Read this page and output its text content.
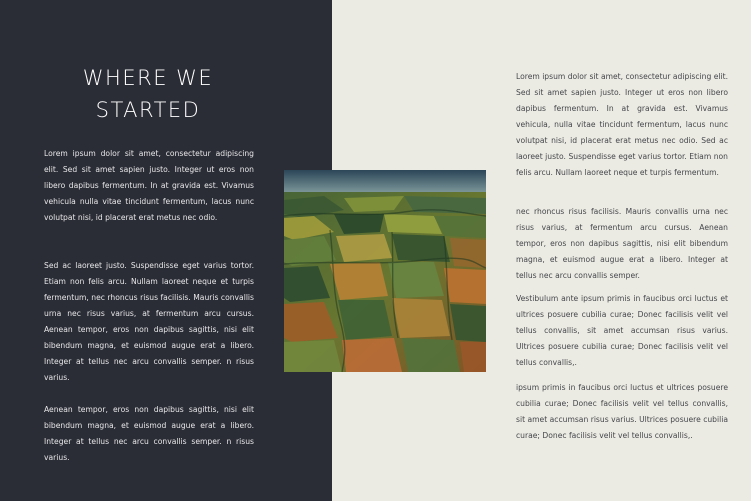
WHERE WE
STARTED

Lorem ipsum dolor sit amet, consectetur adipiscing elit. Sed sit amet sapien justo. Integer ut eros non libero dapibus fermentum. In at gravida est. Vivamus vehicula nulla vitae tincidunt fermentum, lacus nunc volutpat nisi, id placerat erat metus nec odio.

Sed ac laoreet justo. Suspendisse eget varius tortor. Etiam non felis arcu. Nullam laoreet neque et turpis fermentum, nec rhoncus risus facilisis. Mauris convallis urna nec risus varius, at fermentum arcu cursus. Aenean tempor, eros non dapibus sagittis, nisi elit bibendum magna, et euismod augue erat a libero. Integer at tellus nec arcu convallis semper. n risus varius.

Aenean tempor, eros non dapibus sagittis, nisi elit bibendum magna, et euismod augue erat a libero. Integer at tellus nec arcu convallis semper. n risus varius.

Lorem ipsum dolor sit amet, consectetur adipiscing elit. Sed sit amet sapien justo. Integer ut eros non libero dapibus fermentum. In at gravida est. Vivamus vehicula, nulla vitae tincidunt fermentum, lacus nunc volutpat nisi, id placerat erat metus nec odio. Sed ac laoreet justo. Suspendisse eget varius tortor. Etiam non felis arcu. Nullam laoreet neque et turpis fermentum.

nec rhoncus risus facilisis. Mauris convallis urna nec risus varius, at fermentum arcu cursus. Aenean tempor, eros non dapibus sagittis, nisi elit bibendum magna, et euismod augue erat a libero. Integer at tellus nec arcu convallis semper.

Vestibulum ante ipsum primis in faucibus orci luctus et ultrices posuere cubilia curae; Donec facilisis velit vel tellus convallis, sit amet accumsan risus varius. Ultrices posuere cubilia curae; Donec facilisis velit vel tellus convallis,.

ipsum primis in faucibus orci luctus et ultrices posuere cubilia curae; Donec facilisis velit vel tellus convallis, sit amet accumsan risus varius. Ultrices posuere cubilia curae; Donec facilisis velit vel tellus convallis,.
